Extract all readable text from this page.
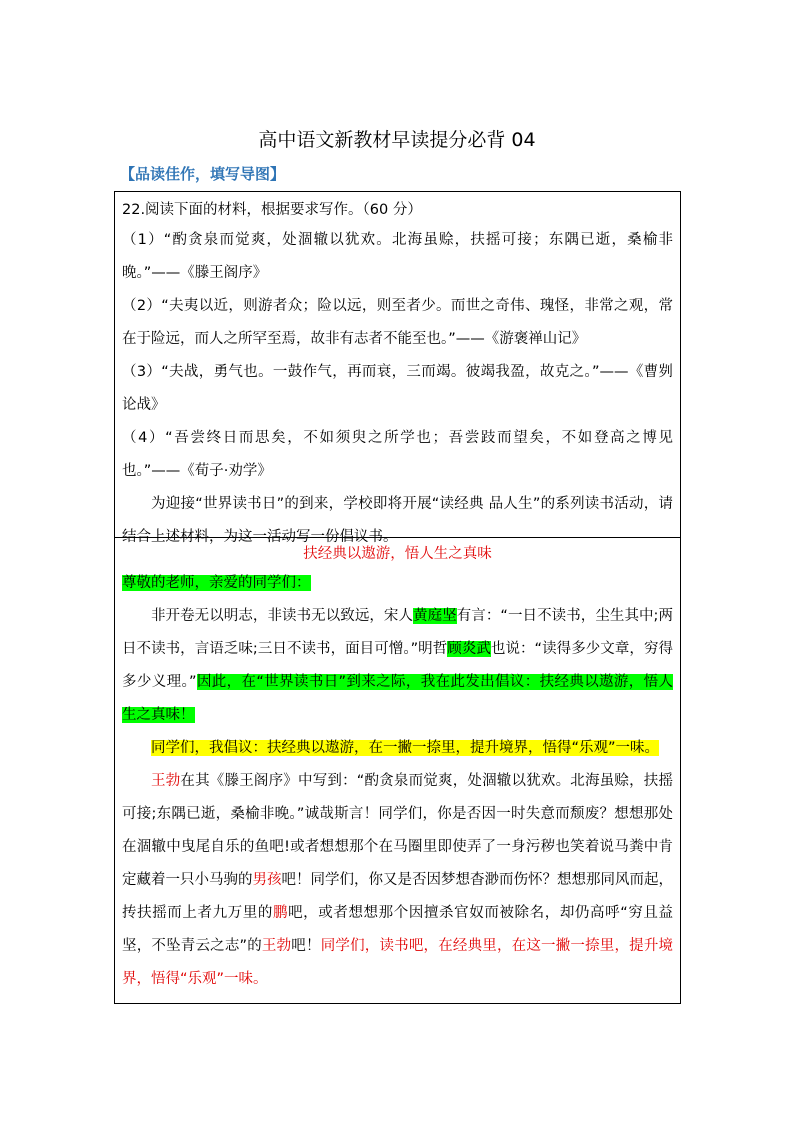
高中语文新教材早读提分必背 04
【品读佳作，填写导图】

22.阅读下面的材料，根据要求写作。（60 分）

（1）“酌贪泉而觉爽，处涸辙以犹欢。北海虽赊，扶摇可接；东隅已逝，桑榆非晚。”——《滕王阁序》

（2）“夫夷以近，则游者众；险以远，则至者少。而世之奇伟、瑰怪，非常之观，常在于险远，而人之所罕至焉，故非有志者不能至也。”——《游褒禅山记》

（3）“夫战，勇气也。一鼓作气，再而衰，三而竭。彼竭我盈，故克之。”——《曹刿论战》

（4）“吾尝终日而思矣，不如须臾之所学也；吾尝跂而望矣，不如登高之博见也。”——《荀子·劝学》

为迎接“世界读书日”的到来，学校即将开展“读经典 品人生”的系列读书活动，请结合上述材料，为这一活动写一份倡议书。

扶经典以遨游，悟人生之真味

尊敬的老师，亲爱的同学们：

非开卷无以明志，非读书无以致远，宋人黄庭坚有言：“一日不读书，尘生其中;两日不读书，言语乏味;三日不读书，面目可憎。”明哲顾炎武也说：“读得多少文章，穷得多少义理。”因此，在“世界读书日”到来之际，我在此发出倡议：扶经典以遨游，悟人生之真味！

同学们，我倡议：扶经典以遨游，在一撇一捺里，提升境界，悟得“乐观”一味。

王勃在其《滕王阁序》中写到：“酌贪泉而觉爽，处涸辙以犹欢。北海虽赊，扶摇可接;东隅已逝，桑榆非晚。”诚哉斯言！同学们，你是否因一时失意而颓废？想想那处在涸辙中曳尾自乐的鱼吧!或者想想那个在马圈里即使弄了一身污秽也笑着说马粪中肯定藏着一只小马驹的男孩吧！同学们，你又是否因梦想杳渺而伤怀？想想那同风而起，抟扶摇而上者九万里的鹏吧，或者想想那个因擅杀官奴而被除名，却仍高呼“穷且益坚，不坠青云之志”的王勃吧！同学们，读书吧，在经典里，在这一撇一捺里，提升境界，悟得“乐观”一味。
